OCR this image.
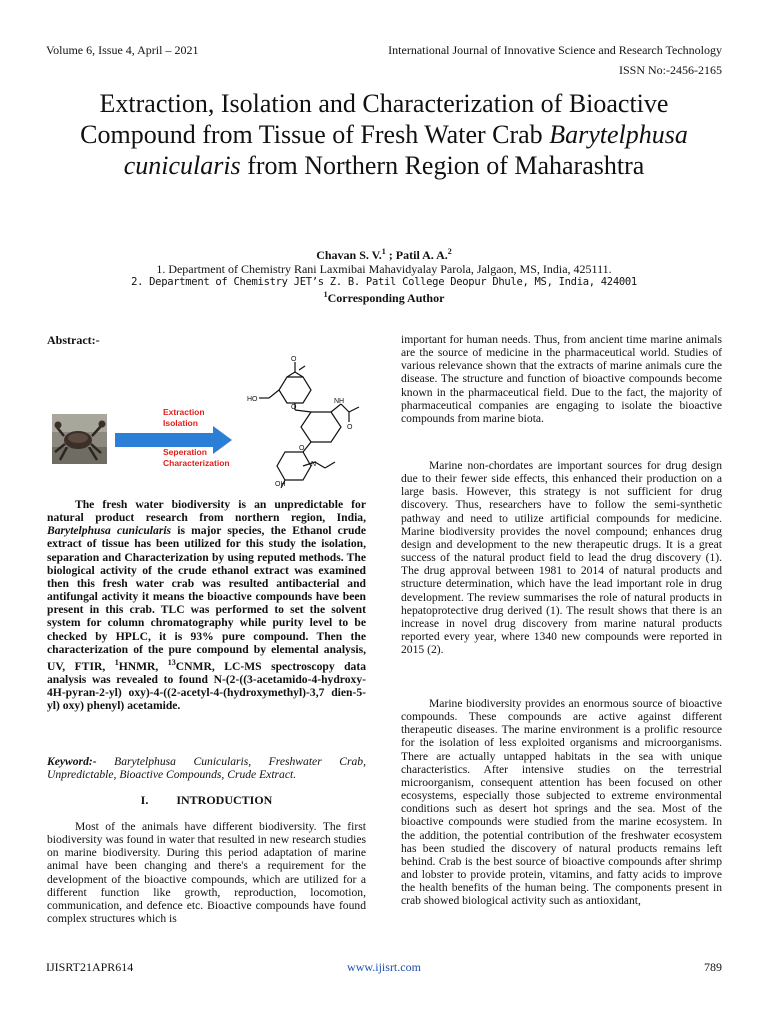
Volume 6, Issue 4, April – 2021	International Journal of Innovative Science and Research Technology
ISSN No:-2456-2165
Extraction, Isolation and Characterization of Bioactive Compound from Tissue of Fresh Water Crab Barytelphusa cunicularis from Northern Region of Maharashtra
Chavan S. V.$^1$ ; Patil A. A.$^2$
1. Department of Chemistry Rani Laxmibai Mahavidyalay Parola, Jalgaon, MS, India, 425111.
2. Department of Chemistry JET’s Z. B. Patil College Deopur Dhule, MS, India, 424001
$^1$Corresponding Author
Abstract:-
Extraction
Isolation
Seperation
Characterization
O
HO
O
NH
O
O
N
OH

The fresh water biodiversity is an unpredictable for natural product research from northern region, India, Barytelphusa cunicularis is major species, the Ethanol crude extract of tissue has been utilized for this study the isolation, separation and Characterization by using reputed methods. The biological activity of the crude ethanol extract was examined then this fresh water crab was resulted antibacterial and antifungal activity it means the bioactive compounds have been present in this crab. TLC was performed to set the solvent system for column chromatography while purity level to be checked by HPLC, it is 93% pure compound. Then the characterization of the pure compound by elemental analysis, UV, FTIR, $^1$HNMR, $^{13}$CNMR, LC-MS spectroscopy data analysis was revealed to found N-(2-((3-acetamido-4-hydroxy-4H-pyran-2-yl) oxy)-4-((2-acetyl-4-(hydroxymethyl)-3,7 dien-5-yl) oxy) phenyl) acetamide.

Keyword:- Barytelphusa Cunicularis, Freshwater Crab, Unpredictable, Bioactive Compounds, Crude Extract.

I. INTRODUCTION

Most of the animals have different biodiversity. The first biodiversity was found in water that resulted in new research studies on marine biodiversity. During this period adaptation of marine animal have been changing and there's a requirement for the development of the bioactive compounds, which are utilized for a different function like growth, reproduction, locomotion, communication, and defence etc. Bioactive compounds have found complex structures which is

important for human needs. Thus, from ancient time marine animals are the source of medicine in the pharmaceutical world. Studies of various relevance shown that the extracts of marine animals cure the disease. The structure and function of bioactive compounds become known in the pharmaceutical field. Due to the fact, the majority of pharmaceutical companies are engaging to isolate the bioactive compounds from marine biota.

Marine non-chordates are important sources for drug design due to their fewer side effects, this enhanced their production on a large basis. However, this strategy is not sufficient for drug discovery. Thus, researchers have to follow the semi-synthetic pathway and need to utilize artificial compounds for medicine. Marine biodiversity provides the novel compound; enhances drug design and development to the new therapeutic drugs. It is a great success of the natural product field to lead the drug discovery (1). The drug approval between 1981 to 2014 of natural products and structure determination, which have the lead important role in drug development. The review summarises the role of natural products in hepatoprotective drug derived (1). The result shows that there is an increase in novel drug discovery from marine natural products reported every year, where 1340 new compounds were reported in 2015 (2).

Marine biodiversity provides an enormous source of bioactive compounds. These compounds are active against different therapeutic diseases. The marine environment is a prolific resource for the isolation of less exploited organisms and microorganisms. There are actually untapped habitats in the sea with unique characteristics. After intensive studies on the terrestrial microorganism, consequent attention has been focused on other ecosystems, especially those subjected to extreme environmental conditions such as desert hot springs and the sea. Most of the bioactive compounds were studied from the marine ecosystem. In the addition, the potential contribution of the freshwater ecosystem has been studied the discovery of natural products remains left behind. Crab is the best source of bioactive compounds after shrimp and lobster to provide protein, vitamins, and fatty acids to improve the health benefits of the human being. The components present in crab showed biological activity such as antioxidant,

IJISRT21APR614	www.ijisrt.com	789
